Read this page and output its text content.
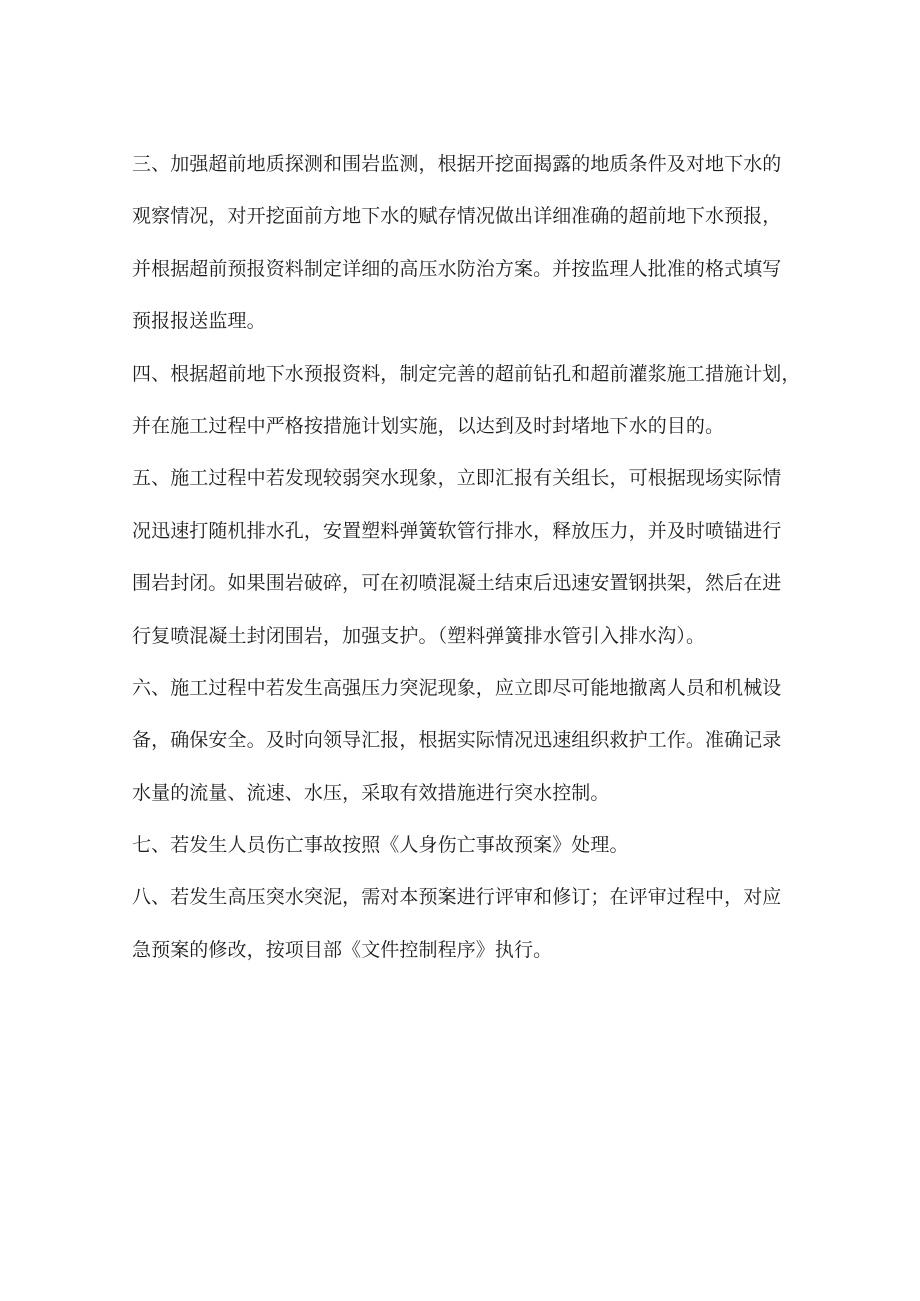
三、加强超前地质探测和围岩监测，根据开挖面揭露的地质条件及对地下水的
观察情况，对开挖面前方地下水的赋存情况做出详细准确的超前地下水预报，
并根据超前预报资料制定详细的高压水防治方案。并按监理人批准的格式填写
预报报送监理。
四、根据超前地下水预报资料，制定完善的超前钻孔和超前灌浆施工措施计划，
并在施工过程中严格按措施计划实施，以达到及时封堵地下水的目的。
五、施工过程中若发现较弱突水现象，立即汇报有关组长，可根据现场实际情
况迅速打随机排水孔，安置塑料弹簧软管行排水，释放压力，并及时喷锚进行
围岩封闭。如果围岩破碎，可在初喷混凝土结束后迅速安置钢拱架，然后在进
行复喷混凝土封闭围岩，加强支护。（塑料弹簧排水管引入排水沟）。
六、施工过程中若发生高强压力突泥现象，应立即尽可能地撤离人员和机械设
备，确保安全。及时向领导汇报，根据实际情况迅速组织救护工作。准确记录
水量的流量、流速、水压，采取有效措施进行突水控制。
七、若发生人员伤亡事故按照《人身伤亡事故预案》处理。
八、若发生高压突水突泥，需对本预案进行评审和修订；在评审过程中，对应
急预案的修改，按项目部《文件控制程序》执行。
